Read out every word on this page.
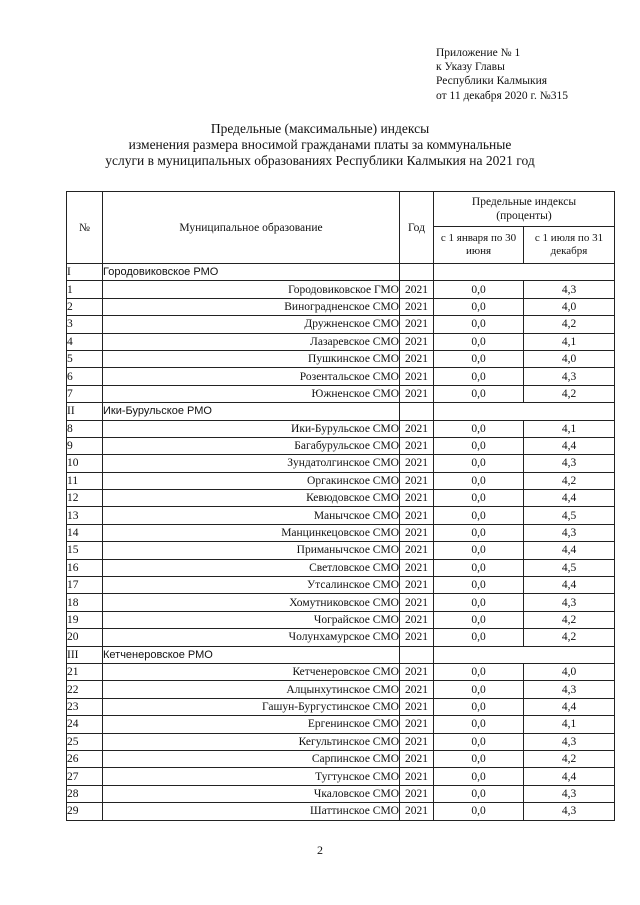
Приложение № 1
к Указу Главы
Республики Калмыкия
от 11 декабря 2020 г. №315
Предельные (максимальные) индексы
изменения размера вносимой гражданами платы за коммунальные
услуги в муниципальных образованиях Республики Калмыкия на 2021 год
№	Муниципальное образование	Год	Предельные индексы (проценты)	
			с 1 января по 30 июня	с 1 июля по 31 декабря
I	Городовиковское РМО			
1	Городовиковское ГМО	2021	0,0	4,3
2	Виноградненское СМО	2021	0,0	4,0
3	Дружненское СМО	2021	0,0	4,2
4	Лазаревское СМО	2021	0,0	4,1
5	Пушкинское СМО	2021	0,0	4,0
6	Розентальское СМО	2021	0,0	4,3
7	Южненское СМО	2021	0,0	4,2
II	Ики-Бурульское РМО			
8	Ики-Бурульское СМО	2021	0,0	4,1
9	Багабурульское СМО	2021	0,0	4,4
10	Зундатолгинское СМО	2021	0,0	4,3
11	Оргакинское СМО	2021	0,0	4,2
12	Кевюдовское СМО	2021	0,0	4,4
13	Манычское СМО	2021	0,0	4,5
14	Манцинкецовское СМО	2021	0,0	4,3
15	Приманычское СМО	2021	0,0	4,4
16	Светловское СМО	2021	0,0	4,5
17	Утсалинское СМО	2021	0,0	4,4
18	Хомутниковское СМО	2021	0,0	4,3
19	Чограйское СМО	2021	0,0	4,2
20	Чолунхамурское СМО	2021	0,0	4,2
III	Кетченеровское РМО			
21	Кетченеровское СМО	2021	0,0	4,0
22	Алцынхутинское СМО	2021	0,0	4,3
23	Гашун-Бургустинское СМО	2021	0,0	4,4
24	Ергенинское СМО	2021	0,0	4,1
25	Кегультинское СМО	2021	0,0	4,3
26	Сарпинское СМО	2021	0,0	4,2
27	Тугтунское СМО	2021	0,0	4,4
28	Чкаловское СМО	2021	0,0	4,3
29	Шаттинское СМО	2021	0,0	4,3
2
